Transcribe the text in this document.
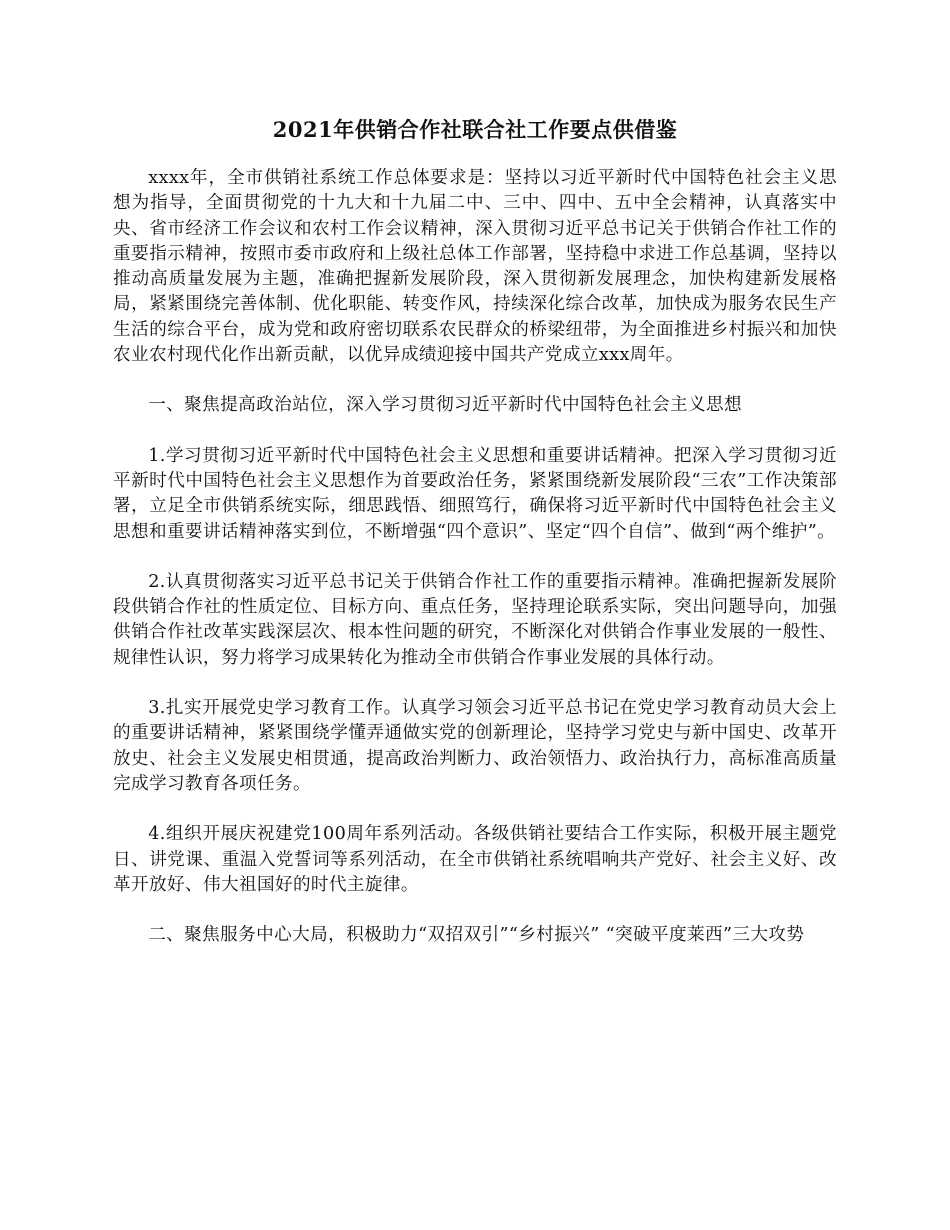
2021年供销合作社联合社工作要点供借鉴

xxxx年，全市供销社系统工作总体要求是：坚持以习近平新时代中国特色社会主义思想为指导，全面贯彻党的十九大和十九届二中、三中、四中、五中全会精神，认真落实中央、省市经济工作会议和农村工作会议精神，深入贯彻习近平总书记关于供销合作社工作的重要指示精神，按照市委市政府和上级社总体工作部署，坚持稳中求进工作总基调，坚持以推动高质量发展为主题，准确把握新发展阶段，深入贯彻新发展理念，加快构建新发展格局，紧紧围绕完善体制、优化职能、转变作风，持续深化综合改革，加快成为服务农民生产生活的综合平台，成为党和政府密切联系农民群众的桥梁纽带，为全面推进乡村振兴和加快农业农村现代化作出新贡献，以优异成绩迎接中国共产党成立xxx周年。

一、聚焦提高政治站位，深入学习贯彻习近平新时代中国特色社会主义思想

1.学习贯彻习近平新时代中国特色社会主义思想和重要讲话精神。把深入学习贯彻习近平新时代中国特色社会主义思想作为首要政治任务，紧紧围绕新发展阶段“三农”工作决策部署，立足全市供销系统实际，细思践悟、细照笃行，确保将习近平新时代中国特色社会主义思想和重要讲话精神落实到位，不断增强“四个意识”、坚定“四个自信”、做到“两个维护”。

2.认真贯彻落实习近平总书记关于供销合作社工作的重要指示精神。准确把握新发展阶段供销合作社的性质定位、目标方向、重点任务，坚持理论联系实际，突出问题导向，加强供销合作社改革实践深层次、根本性问题的研究，不断深化对供销合作事业发展的一般性、规律性认识，努力将学习成果转化为推动全市供销合作事业发展的具体行动。

3.扎实开展党史学习教育工作。认真学习领会习近平总书记在党史学习教育动员大会上的重要讲话精神，紧紧围绕学懂弄通做实党的创新理论，坚持学习党史与新中国史、改革开放史、社会主义发展史相贯通，提高政治判断力、政治领悟力、政治执行力，高标准高质量完成学习教育各项任务。

4.组织开展庆祝建党100周年系列活动。各级供销社要结合工作实际，积极开展主题党日、讲党课、重温入党誓词等系列活动，在全市供销社系统唱响共产党好、社会主义好、改革开放好、伟大祖国好的时代主旋律。

二、聚焦服务中心大局，积极助力“双招双引”“乡村振兴” “突破平度莱西”三大攻势
